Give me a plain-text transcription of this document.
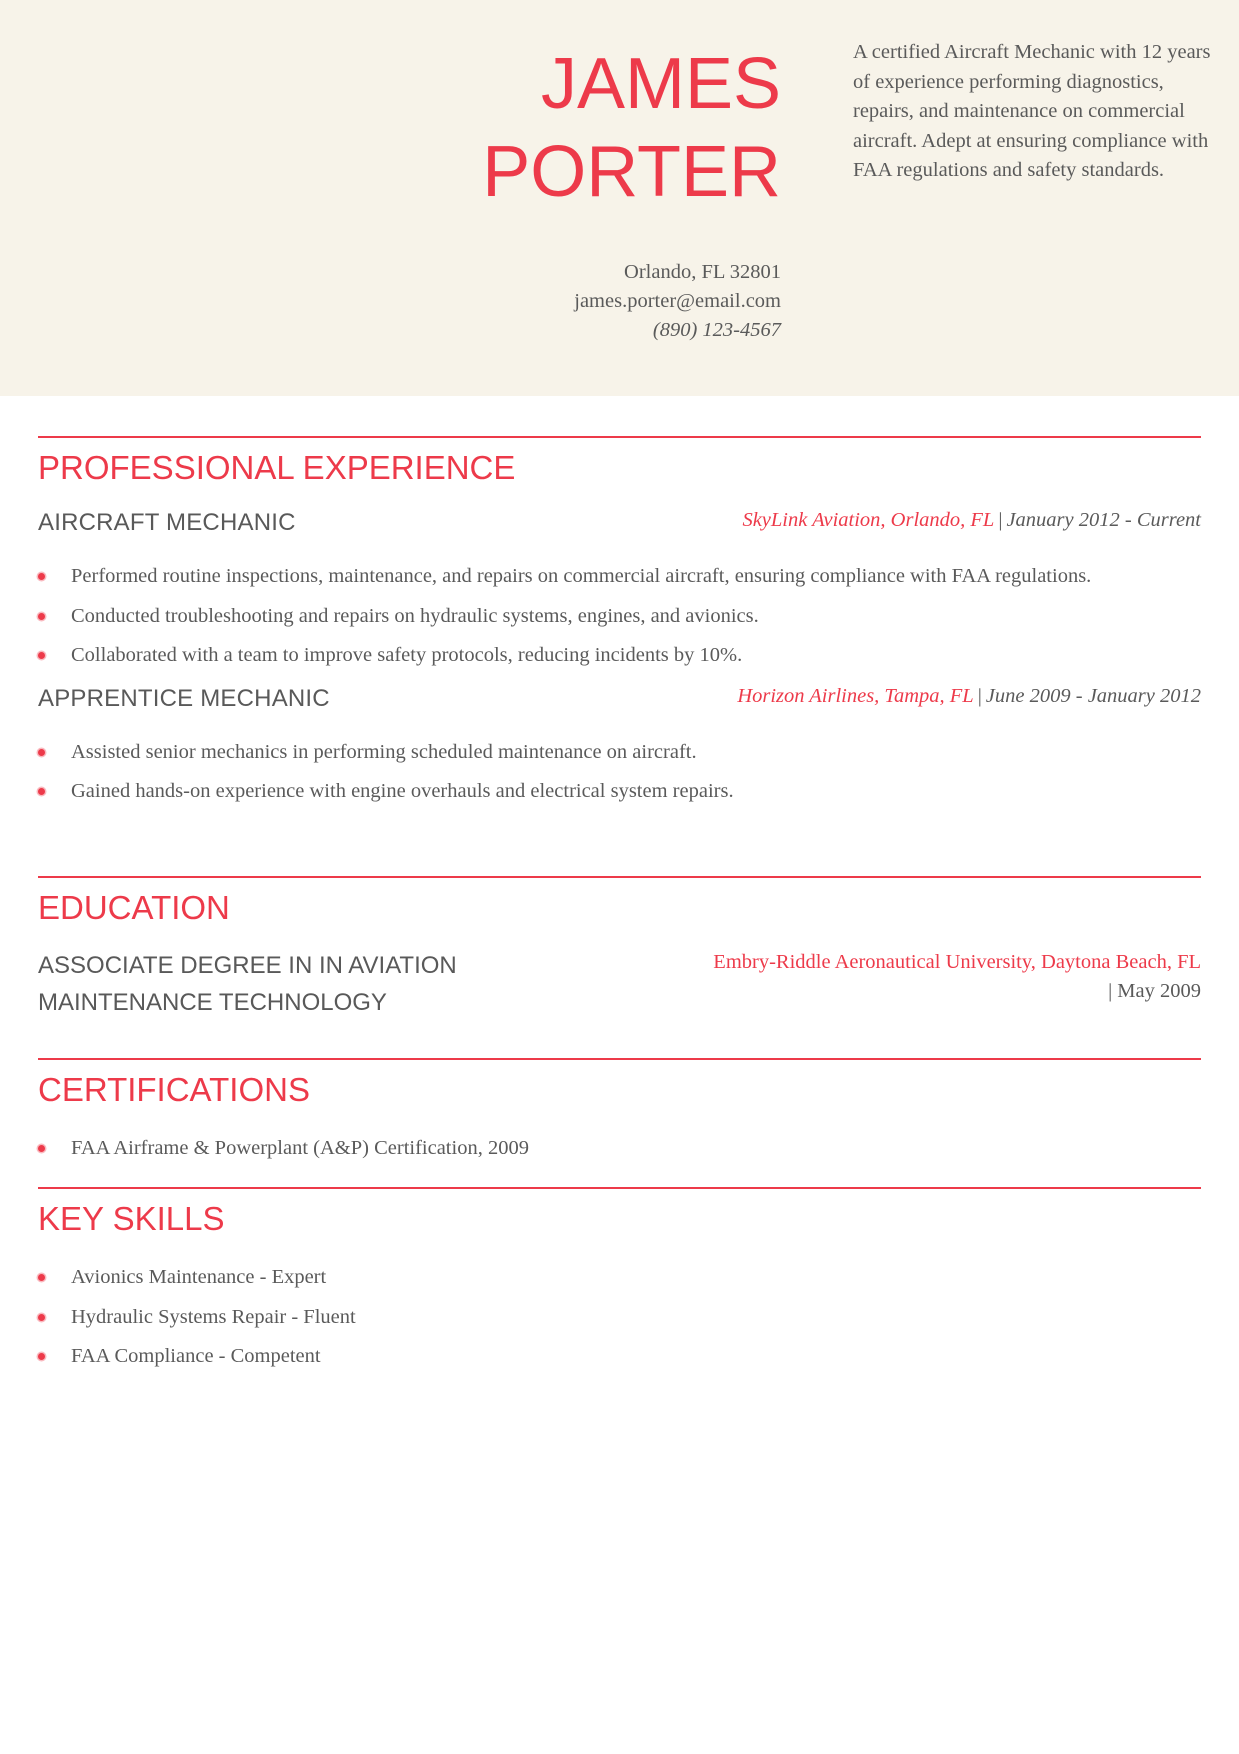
JAMES
PORTER
Orlando, FL 32801
james.porter@email.com
(890) 123-4567

A certified Aircraft Mechanic with 12 years of experience performing diagnostics, repairs, and maintenance on commercial aircraft. Adept at ensuring compliance with FAA regulations and safety standards.

PROFESSIONAL EXPERIENCE
AIRCRAFT MECHANIC	SkyLink Aviation, Orlando, FL | January 2012 - Current
Performed routine inspections, maintenance, and repairs on commercial aircraft, ensuring compliance with FAA regulations.
Conducted troubleshooting and repairs on hydraulic systems, engines, and avionics.
Collaborated with a team to improve safety protocols, reducing incidents by 10%.
APPRENTICE MECHANIC	Horizon Airlines, Tampa, FL | June 2009 - January 2012
Assisted senior mechanics in performing scheduled maintenance on aircraft.
Gained hands-on experience with engine overhauls and electrical system repairs.
EDUCATION
ASSOCIATE DEGREE IN IN AVIATION
MAINTENANCE TECHNOLOGY
Embry-Riddle Aeronautical University, Daytona Beach, FL
| May 2009
CERTIFICATIONS
FAA Airframe & Powerplant (A&P) Certification, 2009
KEY SKILLS
Avionics Maintenance - Expert
Hydraulic Systems Repair - Fluent
FAA Compliance - Competent
